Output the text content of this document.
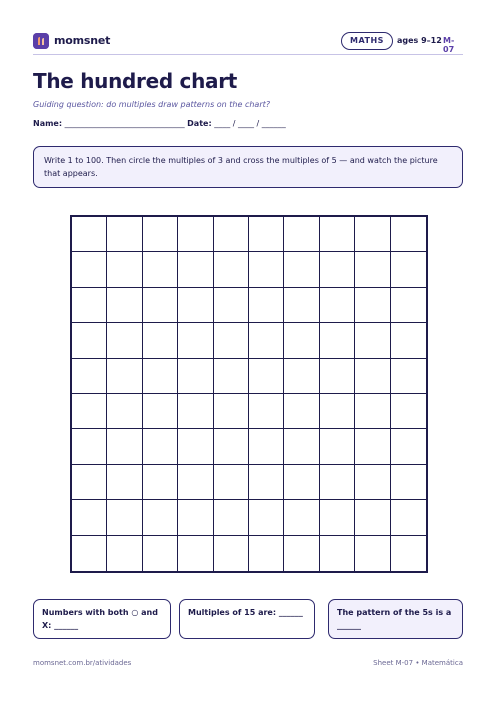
momsnet	MATHS	ages 9–12 M-07
The hundred chart
Guiding question: do multiples draw patterns on the chart?
Name: ______________________________ Date: ____ / ____ / ______
Write 1 to 100. Then circle the multiples of 3 and cross the multiples of 5 — and watch the picture that appears.
Numbers with both ○ and X: ______
Multiples of 15 are: ______	The pattern of the 5s is a ______
momsnet.com.br/atividades	Sheet M-07 • Matemática
